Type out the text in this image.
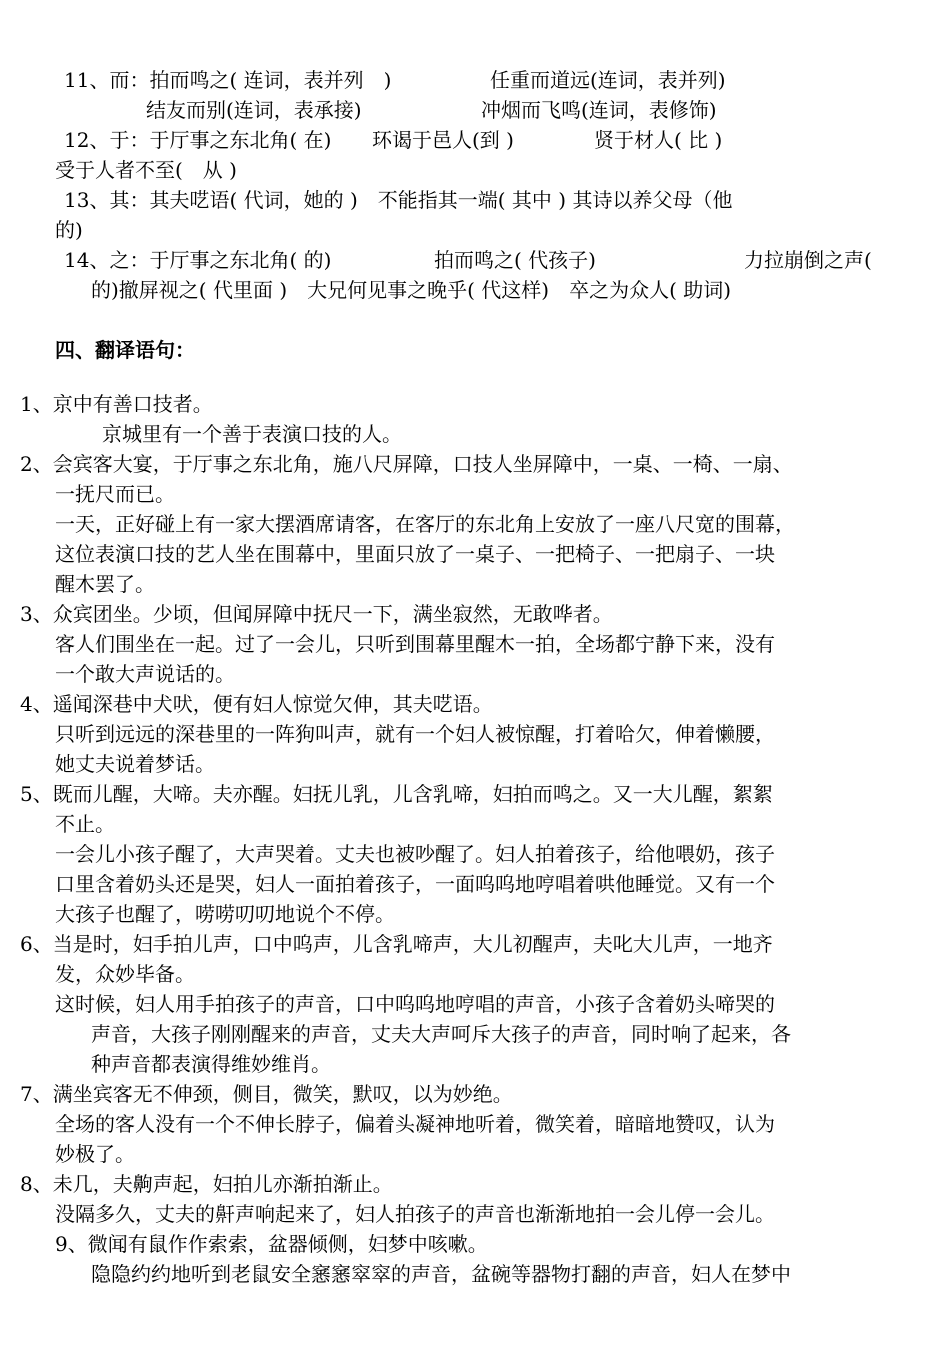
11、而：拍而鸣之( 连词，表并列　)	任重而道远(连词，表并列)
结友而别(连词，表承接)	冲烟而飞鸣(连词，表修饰)
12、于：于厅事之东北角( 在) 环谒于邑人(到 )	贤于材人( 比 )
受于人者不至(　从 )
13、其：其夫呓语( 代词，她的 )　不能指其一端( 其中 ) 其诗以养父母（他
的)
14、之：于厅事之东北角( 的)	拍而鸣之( 代孩子)	力拉崩倒之声(
的)撤屏视之( 代里面 )　大兄何见事之晚乎( 代这样)　卒之为众人( 助词)
四、翻译语句：
1、京中有善口技者。
京城里有一个善于表演口技的人。
2、会宾客大宴，于厅事之东北角，施八尺屏障，口技人坐屏障中，一桌、一椅、一扇、
一抚尺而已。
一天，正好碰上有一家大摆酒席请客，在客厅的东北角上安放了一座八尺宽的围幕，
这位表演口技的艺人坐在围幕中，里面只放了一桌子、一把椅子、一把扇子、一块
醒木罢了。
3、众宾团坐。少顷，但闻屏障中抚尺一下，满坐寂然，无敢哗者。
客人们围坐在一起。过了一会儿，只听到围幕里醒木一拍，全场都宁静下来，没有
一个敢大声说话的。
4、遥闻深巷中犬吠，便有妇人惊觉欠伸，其夫呓语。
只听到远远的深巷里的一阵狗叫声，就有一个妇人被惊醒，打着哈欠，伸着懒腰，
她丈夫说着梦话。
5、既而儿醒，大啼。夫亦醒。妇抚儿乳，儿含乳啼，妇拍而鸣之。又一大儿醒，絮絮
不止。
一会儿小孩子醒了，大声哭着。丈夫也被吵醒了。妇人拍着孩子，给他喂奶，孩子
口里含着奶头还是哭，妇人一面拍着孩子，一面呜呜地哼唱着哄他睡觉。又有一个
大孩子也醒了，唠唠叨叨地说个不停。
6、当是时，妇手拍儿声，口中呜声，儿含乳啼声，大儿初醒声，夫叱大儿声，一地齐
发，众妙毕备。
这时候，妇人用手拍孩子的声音，口中呜呜地哼唱的声音，小孩子含着奶头啼哭的
声音，大孩子刚刚醒来的声音，丈夫大声呵斥大孩子的声音，同时响了起来，各
种声音都表演得维妙维肖。
7、满坐宾客无不伸颈，侧目，微笑，默叹，以为妙绝。
全场的客人没有一个不伸长脖子，偏着头凝神地听着，微笑着，暗暗地赞叹，认为
妙极了。
8、未几，夫齁声起，妇拍儿亦渐拍渐止。
没隔多久，丈夫的鼾声响起来了，妇人拍孩子的声音也渐渐地拍一会儿停一会儿。
9、微闻有鼠作作索索，盆器倾侧，妇梦中咳嗽。
隐隐约约地听到老鼠安全窸窸窣窣的声音，盆碗等器物打翻的声音，妇人在梦中
